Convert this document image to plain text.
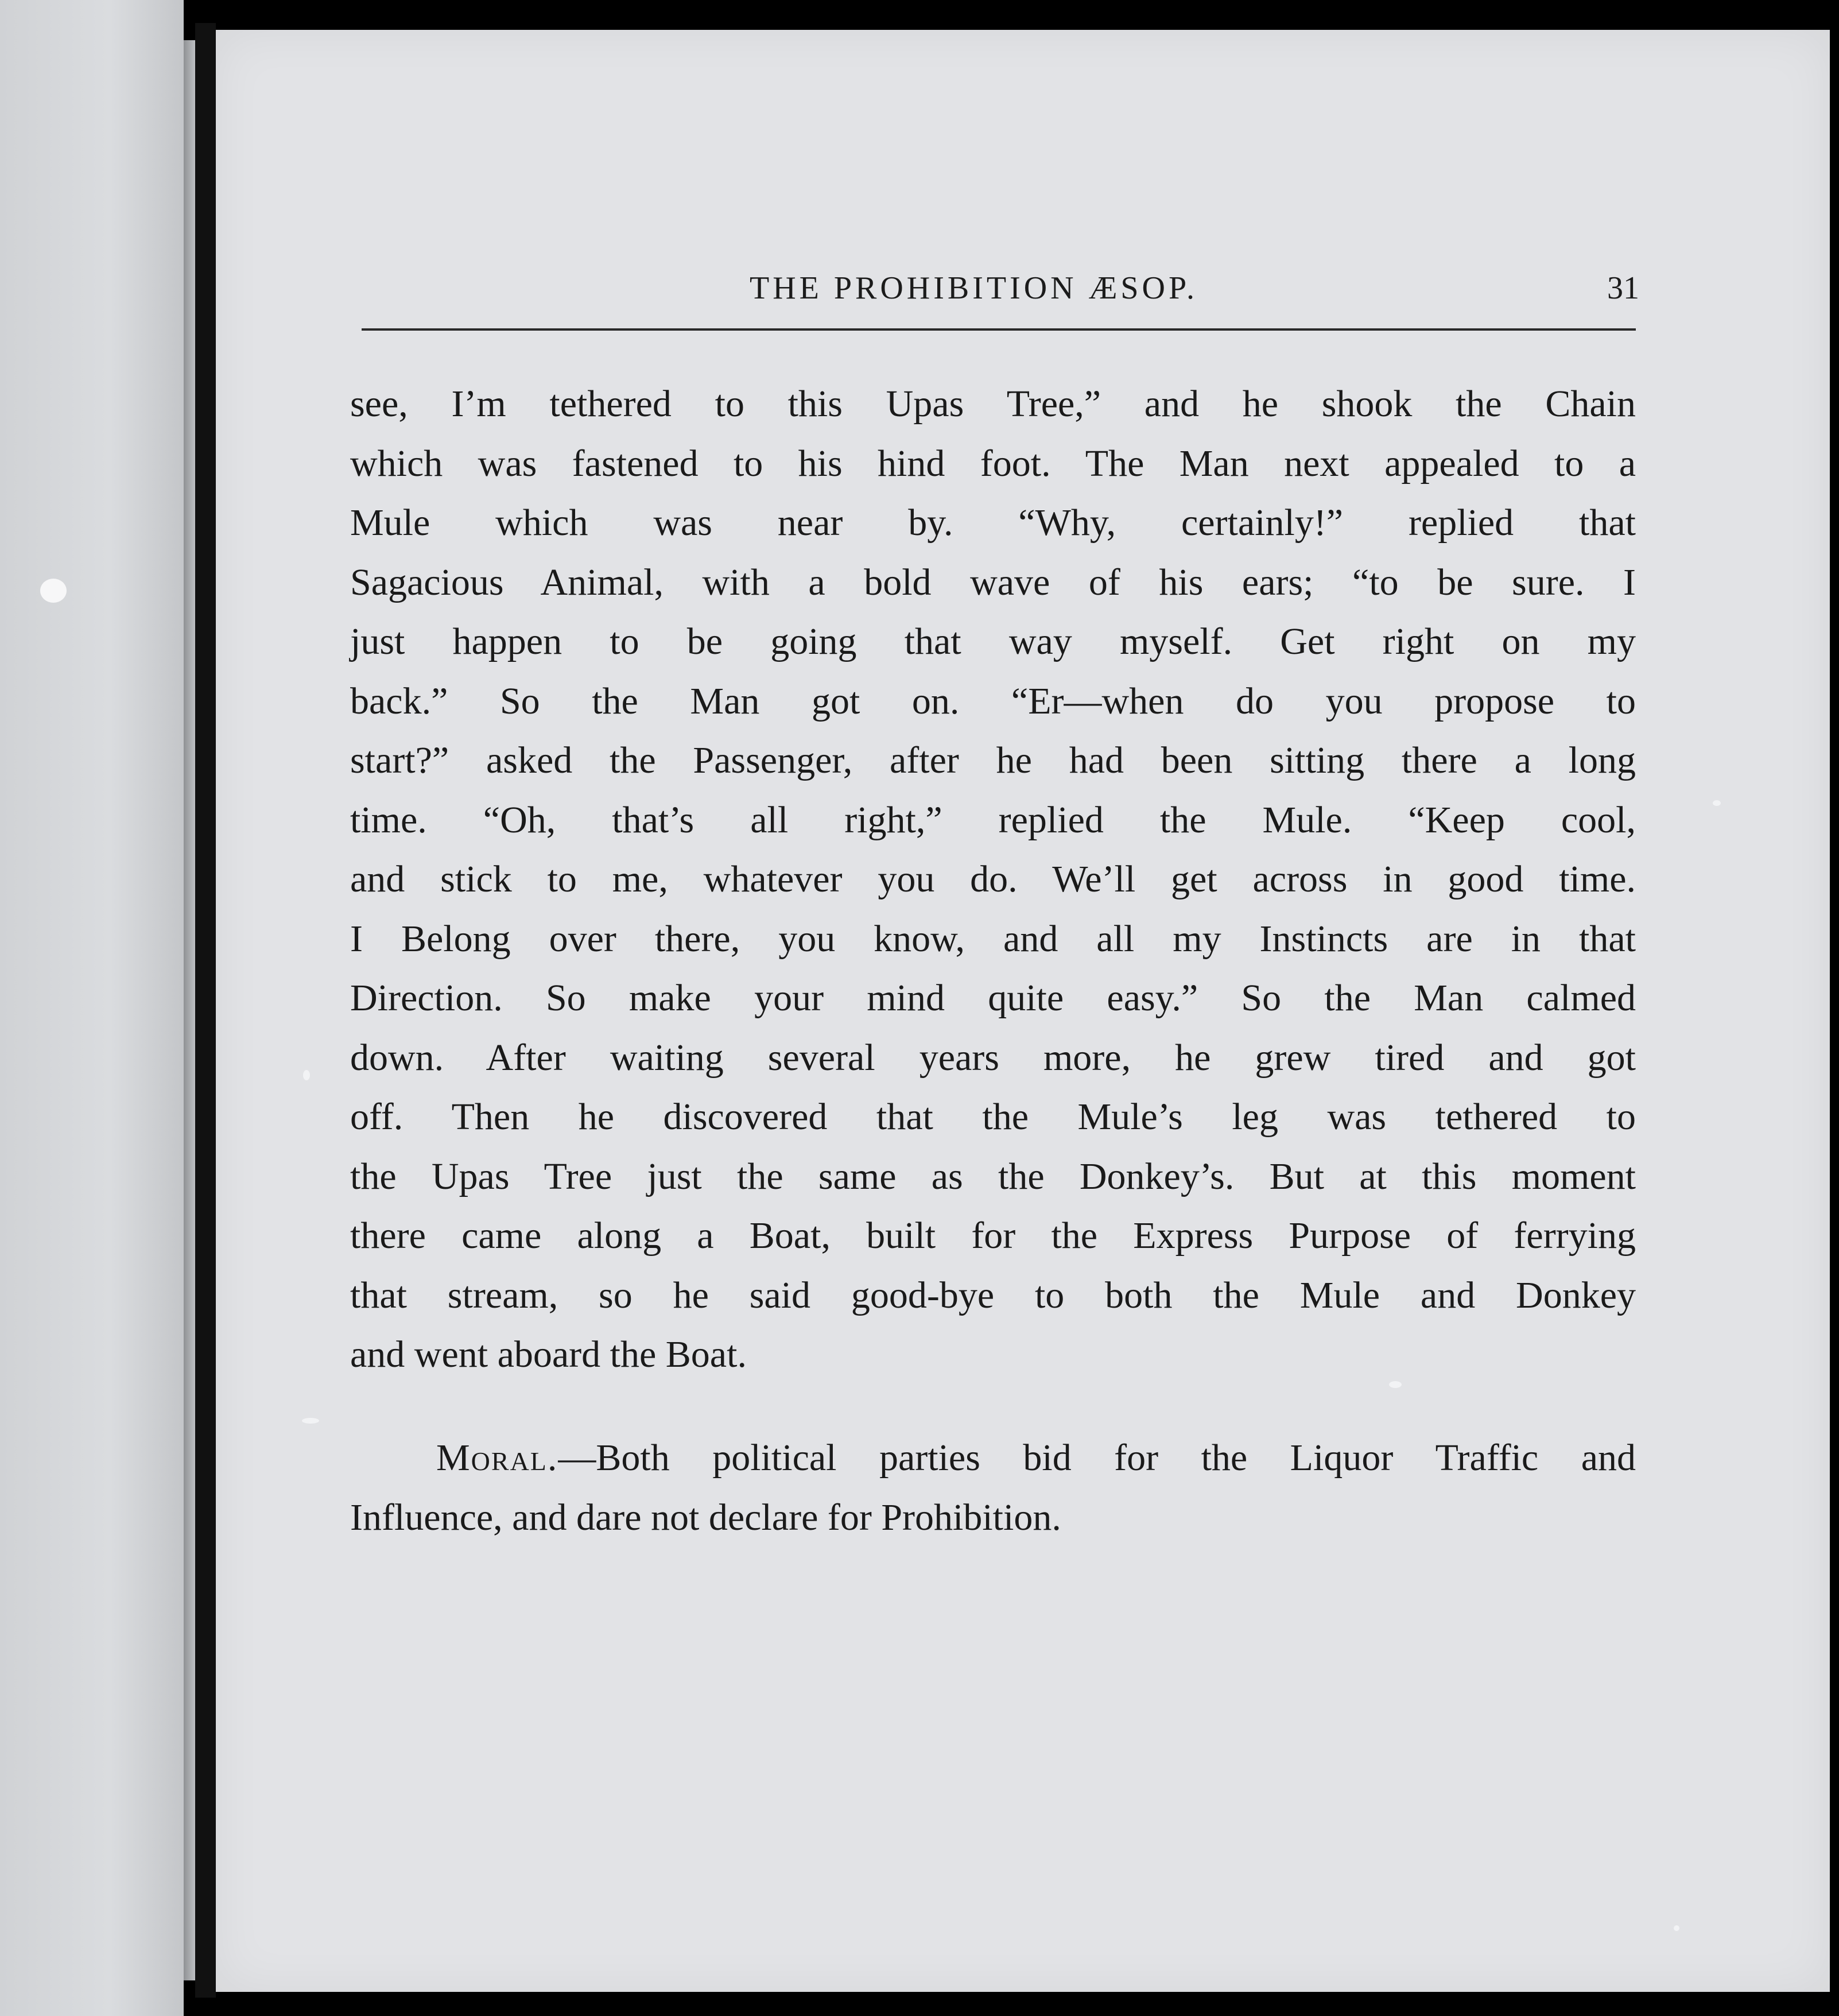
THE PROHIBITION ÆSOP.	31
see, I’m tethered to this Upas Tree,” and he shook the Chain
which was fastened to his hind foot. The Man next appealed to a
Mule which was near by. “Why, certainly!” replied that
Sagacious Animal, with a bold wave of his ears; “to be sure. I
just happen to be going that way myself. Get right on my
back.” So the Man got on. “Er—when do you propose to
start?” asked the Passenger, after he had been sitting there a long
time. “Oh, that’s all right,” replied the Mule. “Keep cool,
and stick to me, whatever you do. We’ll get across in good time.
I Belong over there, you know, and all my Instincts are in that
Direction. So make your mind quite easy.” So the Man calmed
down. After waiting several years more, he grew tired and got
off. Then he discovered that the Mule’s leg was tethered to
the Upas Tree just the same as the Donkey’s. But at this moment
there came along a Boat, built for the Express Purpose of ferrying
that stream, so he said good-bye to both the Mule and Donkey
and went aboard the Boat.
Moral.—Both political parties bid for the Liquor Traffic and
Influence, and dare not declare for Prohibition.
